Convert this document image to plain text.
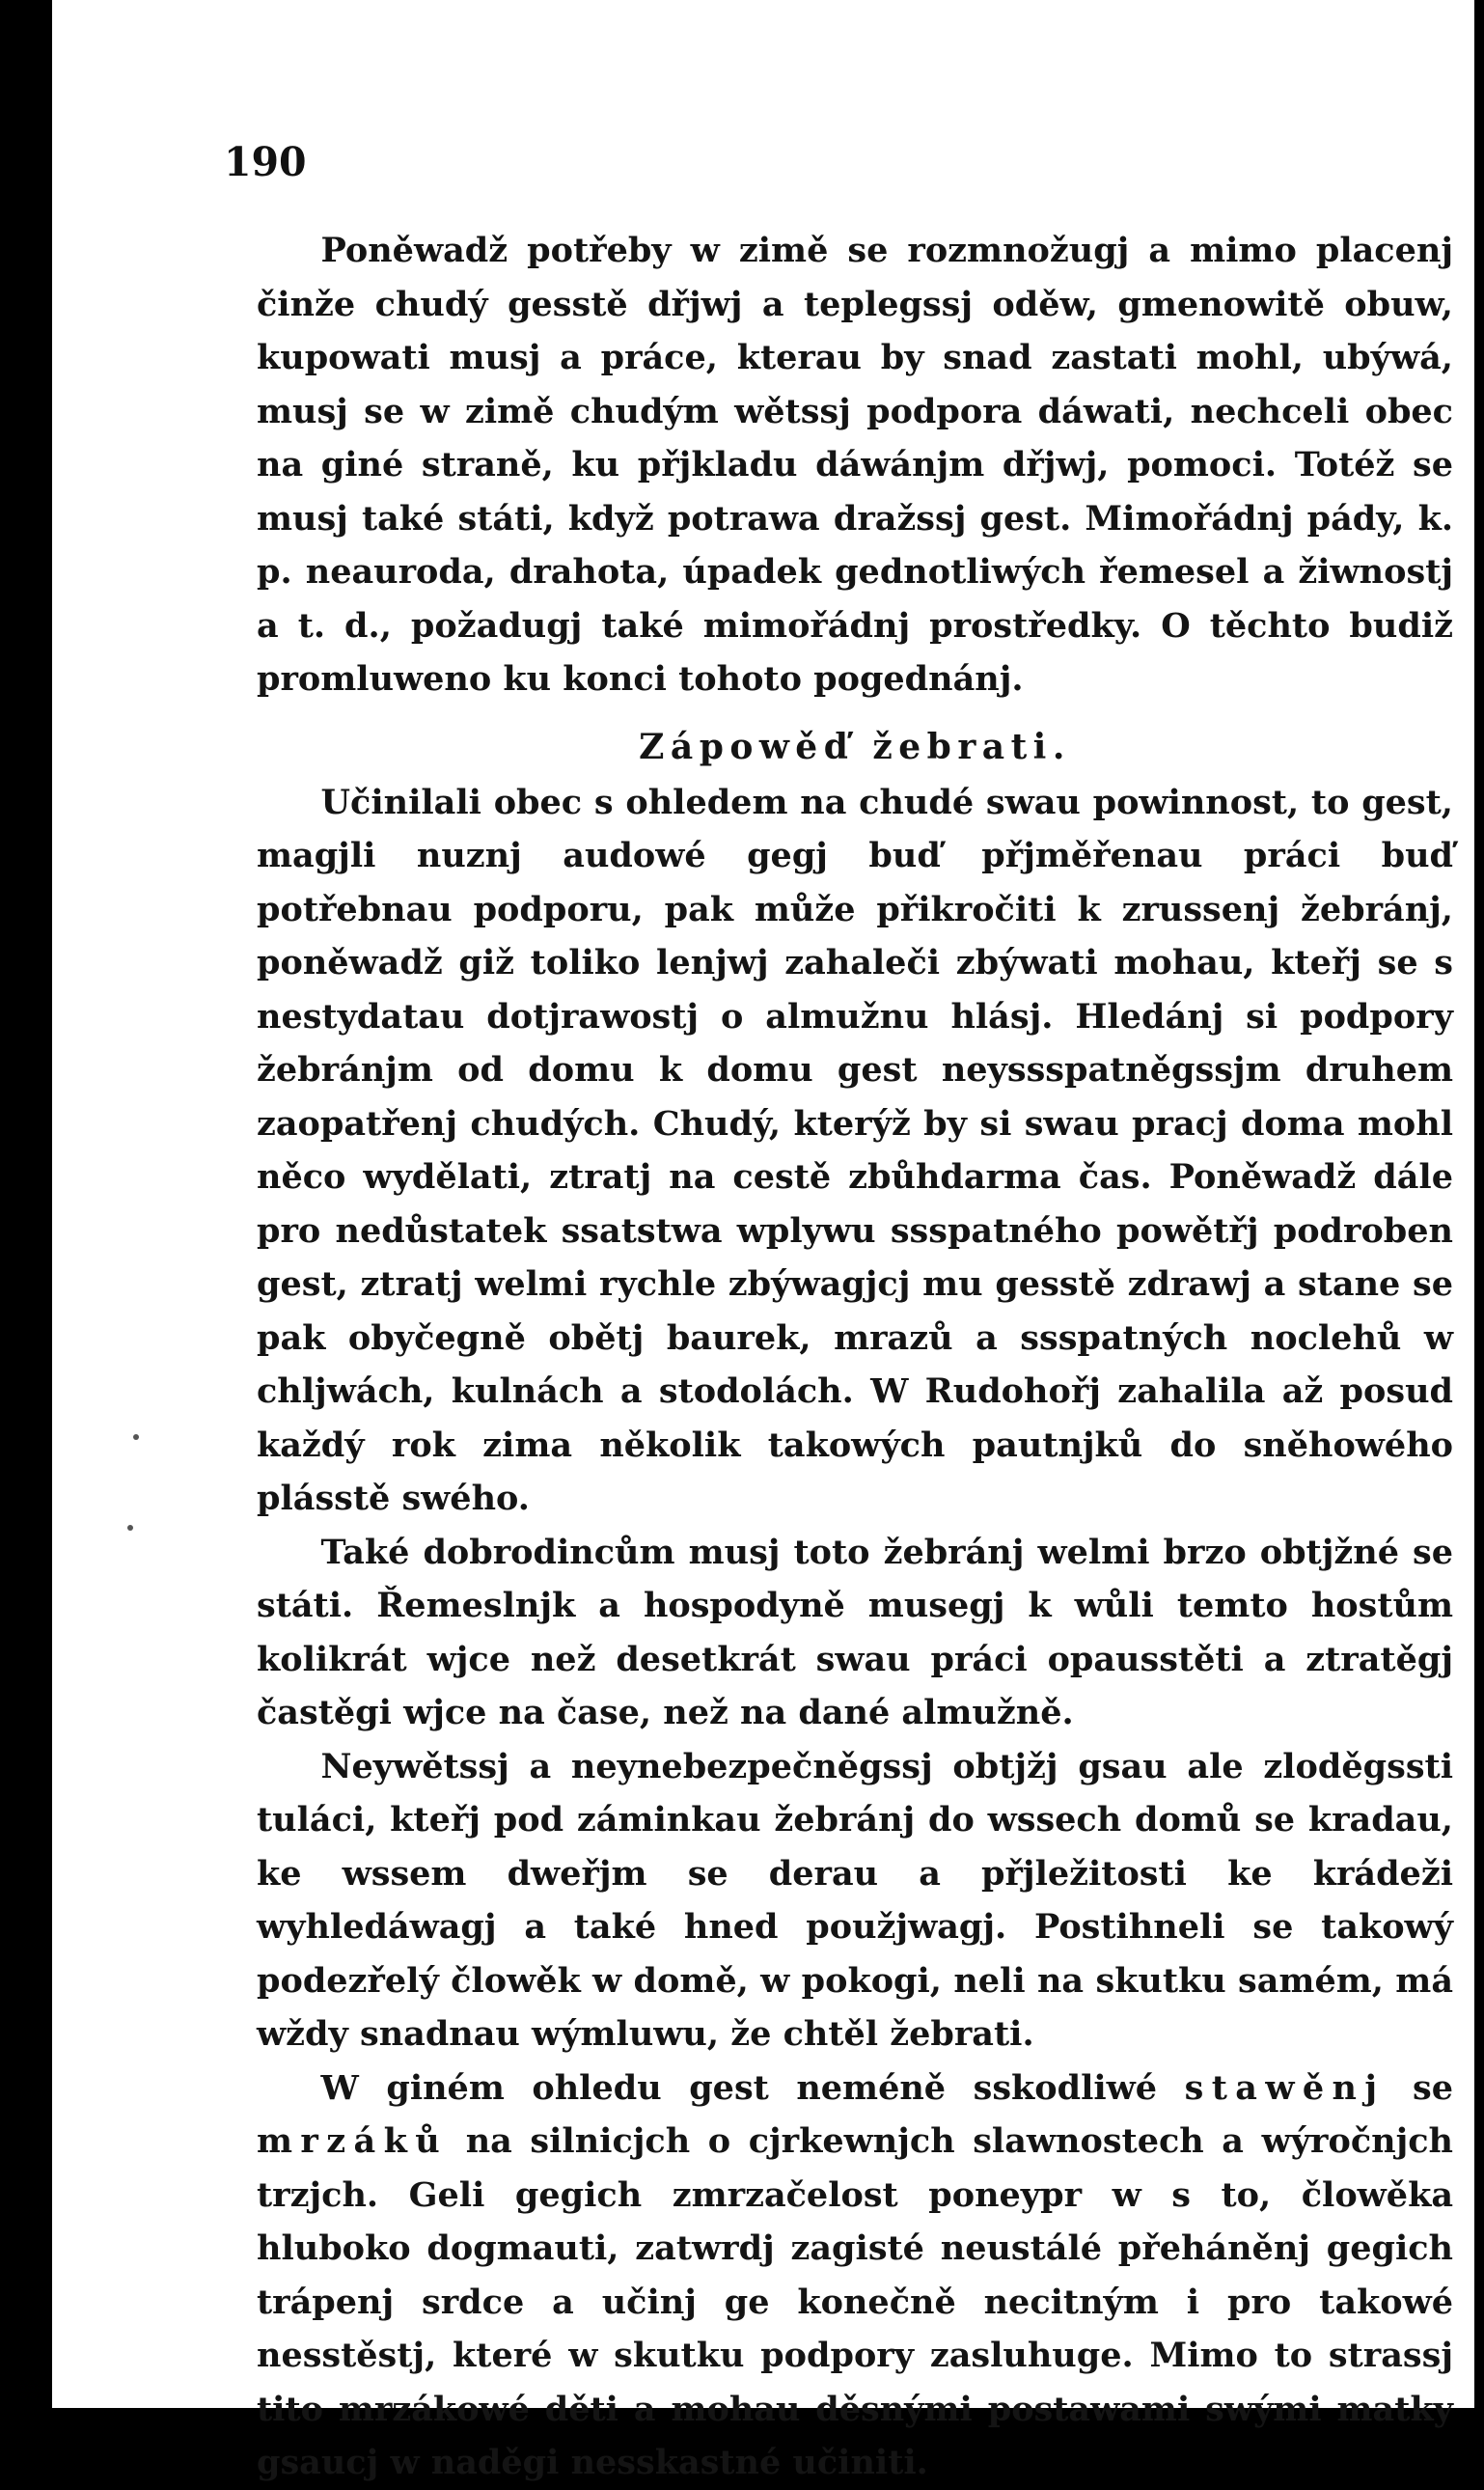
190

Poněwadž potřeby w zimě se rozmnožugj a mimo placenj činže chudý gesstě dřjwj a teplegssj oděw, gmenowitě obuw, kupowati musj a práce, kterau by snad zastati mohl, ubýwá, musj se w zimě chudým wětssj podpora dáwati, nechceli obec na giné straně, ku přjkladu dáwánjm dřjwj, pomoci. Totéž se musj také státi, když potrawa dražssj gest. Mimořádnj pády, k. p. neauroda, drahota, úpadek gednotliwých řemesel a žiwnostj a t. d., požadugj také mimořádnj prostředky. O těchto budiž promluweno ku konci tohoto pogednánj.

Zápowěď žebrati.

Učinilali obec s ohledem na chudé swau powinnost, to gest, magjli nuznj audowé gegj buď přjměřenau práci buď potřebnau podporu, pak může přikročiti k zrussenj žebránj, poněwadž giž toliko lenjwj zahaleči zbýwati mohau, kteřj se s nestydatau dotjrawostj o almužnu hlásj. Hledánj si podpory žebránjm od domu k domu gest neyssspatněgssjm druhem zaopatřenj chudých. Chudý, kterýž by si swau pracj doma mohl něco wydělati, ztratj na cestě zbůhdarma čas. Poněwadž dále pro nedůstatek ssatstwa wplywu ssspatného powětřj podroben gest, ztratj welmi rychle zbýwagjcj mu gesstě zdrawj a stane se pak obyčegně obětj baurek, mrazů a ssspatných noclehů w chljwách, kulnách a stodolách. W Rudohořj zahalila až posud každý rok zima několik takowých pautnjků do sněhowého plásstě swého.

Také dobrodincům musj toto žebránj welmi brzo obtjžné se státi. Řemeslnjk a hospodyně musegj k wůli temto hostům kolikrát wjce než desetkrát swau práci opausstěti a ztratěgj častěgi wjce na čase, než na dané almužně.

Neywětssj a neynebezpečněgssj obtjžj gsau ale zloděgssti tuláci, kteřj pod záminkau žebránj do wssech domů se kradau, ke wssem dweřjm se derau a přjležitosti ke krádeži wyhledáwagj a také hned použjwagj. Postihneli se takowý podezřelý člowěk w domě, w pokogi, neli na skutku samém, má wždy snadnau wýmluwu, že chtěl žebrati.

W giném ohledu gest neméně sskodliwé stawěnj se mrzáků na silnicjch o cjrkewnjch slawnostech a wýročnjch trzjch. Geli gegich zmrzačelost poneypr w s to, člowěka hluboko dogmauti, zatwrdj zagisté neustálé přeháněnj gegich trápenj srdce a učinj ge konečně necitným i pro takowé nesstěstj, které w skutku podpory zasluhuge. Mimo to strassj tito mrzákowé děti a mohau děsnými postawami swými matky gsaucj w naděgi nesskastné učiniti.
